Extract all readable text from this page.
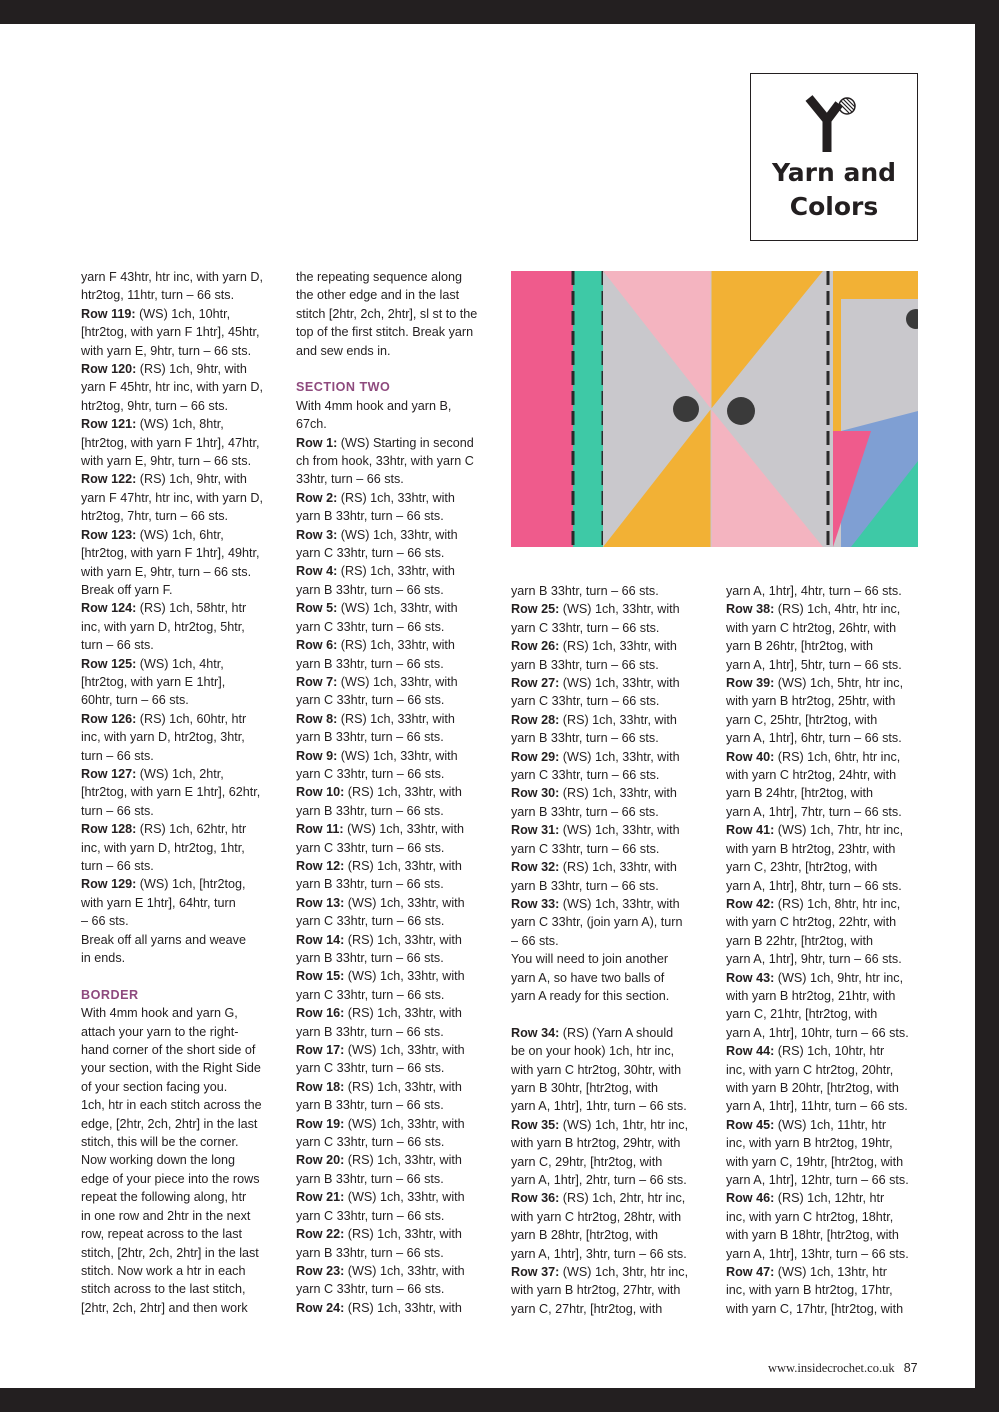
Yarn and
Colors

yarn F 43htr, htr inc, with yarn D,

htr2tog, 11htr, turn – 66 sts.

Row 119: (WS) 1ch, 10htr,

[htr2tog, with yarn F 1htr], 45htr,

with yarn E, 9htr, turn – 66 sts.

Row 120: (RS) 1ch, 9htr, with

yarn F 45htr, htr inc, with yarn D,

htr2tog, 9htr, turn – 66 sts.

Row 121: (WS) 1ch, 8htr,

[htr2tog, with yarn F 1htr], 47htr,

with yarn E, 9htr, turn – 66 sts.

Row 122: (RS) 1ch, 9htr, with

yarn F 47htr, htr inc, with yarn D,

htr2tog, 7htr, turn – 66 sts.

Row 123: (WS) 1ch, 6htr,

[htr2tog, with yarn F 1htr], 49htr,

with yarn E, 9htr, turn – 66 sts.

Break off yarn F.

Row 124: (RS) 1ch, 58htr, htr

inc, with yarn D, htr2tog, 5htr,

turn – 66 sts.

Row 125: (WS) 1ch, 4htr,

[htr2tog, with yarn E 1htr],

60htr, turn – 66 sts.

Row 126: (RS) 1ch, 60htr, htr

inc, with yarn D, htr2tog, 3htr,

turn – 66 sts.

Row 127: (WS) 1ch, 2htr,

[htr2tog, with yarn E 1htr], 62htr,

turn – 66 sts.

Row 128: (RS) 1ch, 62htr, htr

inc, with yarn D, htr2tog, 1htr,

turn – 66 sts.

Row 129: (WS) 1ch, [htr2tog,

with yarn E 1htr], 64htr, turn

– 66 sts.

Break off all yarns and weave

in ends.

BORDER

With 4mm hook and yarn G,

attach your yarn to the right-

hand corner of the short side of

your section, with the Right Side

of your section facing you.

1ch, htr in each stitch across the

edge, [2htr, 2ch, 2htr] in the last

stitch, this will be the corner.

Now working down the long

edge of your piece into the rows

repeat the following along, htr

in one row and 2htr in the next

row, repeat across to the last

stitch, [2htr, 2ch, 2htr] in the last

stitch. Now work a htr in each

stitch across to the last stitch,

[2htr, 2ch, 2htr] and then work

the repeating sequence along

the other edge and in the last

stitch [2htr, 2ch, 2htr], sl st to the

top of the first stitch. Break yarn

and sew ends in.

SECTION TWO

With 4mm hook and yarn B,

67ch.

Row 1: (WS) Starting in second

ch from hook, 33htr, with yarn C

33htr, turn – 66 sts.

Row 2: (RS) 1ch, 33htr, with

yarn B 33htr, turn – 66 sts.

Row 3: (WS) 1ch, 33htr, with

yarn C 33htr, turn – 66 sts.

Row 4: (RS) 1ch, 33htr, with

yarn B 33htr, turn – 66 sts.

Row 5: (WS) 1ch, 33htr, with

yarn C 33htr, turn – 66 sts.

Row 6: (RS) 1ch, 33htr, with

yarn B 33htr, turn – 66 sts.

Row 7: (WS) 1ch, 33htr, with

yarn C 33htr, turn – 66 sts.

Row 8: (RS) 1ch, 33htr, with

yarn B 33htr, turn – 66 sts.

Row 9: (WS) 1ch, 33htr, with

yarn C 33htr, turn – 66 sts.

Row 10: (RS) 1ch, 33htr, with

yarn B 33htr, turn – 66 sts.

Row 11: (WS) 1ch, 33htr, with

yarn C 33htr, turn – 66 sts.

Row 12: (RS) 1ch, 33htr, with

yarn B 33htr, turn – 66 sts.

Row 13: (WS) 1ch, 33htr, with

yarn C 33htr, turn – 66 sts.

Row 14: (RS) 1ch, 33htr, with

yarn B 33htr, turn – 66 sts.

Row 15: (WS) 1ch, 33htr, with

yarn C 33htr, turn – 66 sts.

Row 16: (RS) 1ch, 33htr, with

yarn B 33htr, turn – 66 sts.

Row 17: (WS) 1ch, 33htr, with

yarn C 33htr, turn – 66 sts.

Row 18: (RS) 1ch, 33htr, with

yarn B 33htr, turn – 66 sts.

Row 19: (WS) 1ch, 33htr, with

yarn C 33htr, turn – 66 sts.

Row 20: (RS) 1ch, 33htr, with

yarn B 33htr, turn – 66 sts.

Row 21: (WS) 1ch, 33htr, with

yarn C 33htr, turn – 66 sts.

Row 22: (RS) 1ch, 33htr, with

yarn B 33htr, turn – 66 sts.

Row 23: (WS) 1ch, 33htr, with

yarn C 33htr, turn – 66 sts.

Row 24: (RS) 1ch, 33htr, with

yarn B 33htr, turn – 66 sts.

Row 25: (WS) 1ch, 33htr, with

yarn C 33htr, turn – 66 sts.

Row 26: (RS) 1ch, 33htr, with

yarn B 33htr, turn – 66 sts.

Row 27: (WS) 1ch, 33htr, with

yarn C 33htr, turn – 66 sts.

Row 28: (RS) 1ch, 33htr, with

yarn B 33htr, turn – 66 sts.

Row 29: (WS) 1ch, 33htr, with

yarn C 33htr, turn – 66 sts.

Row 30: (RS) 1ch, 33htr, with

yarn B 33htr, turn – 66 sts.

Row 31: (WS) 1ch, 33htr, with

yarn C 33htr, turn – 66 sts.

Row 32: (RS) 1ch, 33htr, with

yarn B 33htr, turn – 66 sts.

Row 33: (WS) 1ch, 33htr, with

yarn C 33htr, (join yarn A), turn

– 66 sts.

You will need to join another

yarn A, so have two balls of

yarn A ready for this section.

Row 34: (RS) (Yarn A should

be on your hook) 1ch, htr inc,

with yarn C htr2tog, 30htr, with

yarn B 30htr, [htr2tog, with

yarn A, 1htr], 1htr, turn – 66 sts.

Row 35: (WS) 1ch, 1htr, htr inc,

with yarn B htr2tog, 29htr, with

yarn C, 29htr, [htr2tog, with

yarn A, 1htr], 2htr, turn – 66 sts.

Row 36: (RS) 1ch, 2htr, htr inc,

with yarn C htr2tog, 28htr, with

yarn B 28htr, [htr2tog, with

yarn A, 1htr], 3htr, turn – 66 sts.

Row 37: (WS) 1ch, 3htr, htr inc,

with yarn B htr2tog, 27htr, with

yarn C, 27htr, [htr2tog, with

yarn A, 1htr], 4htr, turn – 66 sts.

Row 38: (RS) 1ch, 4htr, htr inc,

with yarn C htr2tog, 26htr, with

yarn B 26htr, [htr2tog, with

yarn A, 1htr], 5htr, turn – 66 sts.

Row 39: (WS) 1ch, 5htr, htr inc,

with yarn B htr2tog, 25htr, with

yarn C, 25htr, [htr2tog, with

yarn A, 1htr], 6htr, turn – 66 sts.

Row 40: (RS) 1ch, 6htr, htr inc,

with yarn C htr2tog, 24htr, with

yarn B 24htr, [htr2tog, with

yarn A, 1htr], 7htr, turn – 66 sts.

Row 41: (WS) 1ch, 7htr, htr inc,

with yarn B htr2tog, 23htr, with

yarn C, 23htr, [htr2tog, with

yarn A, 1htr], 8htr, turn – 66 sts.

Row 42: (RS) 1ch, 8htr, htr inc,

with yarn C htr2tog, 22htr, with

yarn B 22htr, [htr2tog, with

yarn A, 1htr], 9htr, turn – 66 sts.

Row 43: (WS) 1ch, 9htr, htr inc,

with yarn B htr2tog, 21htr, with

yarn C, 21htr, [htr2tog, with

yarn A, 1htr], 10htr, turn – 66 sts.

Row 44: (RS) 1ch, 10htr, htr

inc, with yarn C htr2tog, 20htr,

with yarn B 20htr, [htr2tog, with

yarn A, 1htr], 11htr, turn – 66 sts.

Row 45: (WS) 1ch, 11htr, htr

inc, with yarn B htr2tog, 19htr,

with yarn C, 19htr, [htr2tog, with

yarn A, 1htr], 12htr, turn – 66 sts.

Row 46: (RS) 1ch, 12htr, htr

inc, with yarn C htr2tog, 18htr,

with yarn B 18htr, [htr2tog, with

yarn A, 1htr], 13htr, turn – 66 sts.

Row 47: (WS) 1ch, 13htr, htr

inc, with yarn B htr2tog, 17htr,

with yarn C, 17htr, [htr2tog, with

www.insidecrochet.co.uk 87
